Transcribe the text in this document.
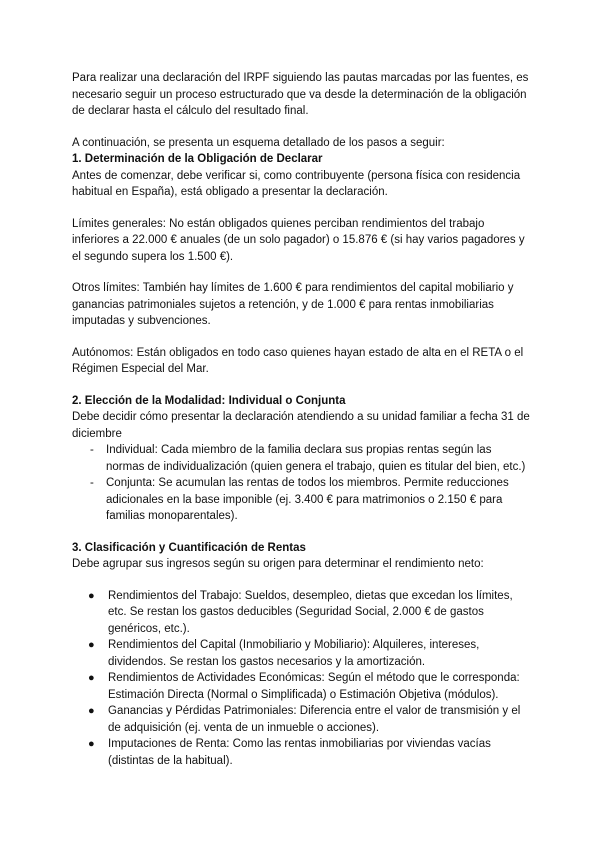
Para realizar una declaración del IRPF siguiendo las pautas marcadas por las fuentes, es necesario seguir un proceso estructurado que va desde la determinación de la obligación de declarar hasta el cálculo del resultado final.

A continuación, se presenta un esquema detallado de los pasos a seguir:

1. Determinación de la Obligación de Declarar

Antes de comenzar, debe verificar si, como contribuyente (persona física con residencia habitual en España), está obligado a presentar la declaración.

Límites generales: No están obligados quienes perciban rendimientos del trabajo inferiores a 22.000 € anuales (de un solo pagador) o 15.876 € (si hay varios pagadores y el segundo supera los 1.500 €).

Otros límites: También hay límites de 1.600 € para rendimientos del capital mobiliario y ganancias patrimoniales sujetos a retención, y de 1.000 € para rentas inmobiliarias imputadas y subvenciones.

Autónomos: Están obligados en todo caso quienes hayan estado de alta en el RETA o el Régimen Especial del Mar.

2. Elección de la Modalidad: Individual o Conjunta

Debe decidir cómo presentar la declaración atendiendo a su unidad familiar a fecha 31 de diciembre

- Individual: Cada miembro de la familia declara sus propias rentas según las normas de individualización (quien genera el trabajo, quien es titular del bien, etc.)
- Conjunta: Se acumulan las rentas de todos los miembros. Permite reducciones adicionales en la base imponible (ej. 3.400 € para matrimonios o 2.150 € para familias monoparentales).
3. Clasificación y Cuantificación de Rentas

Debe agrupar sus ingresos según su origen para determinar el rendimiento neto:

● Rendimientos del Trabajo: Sueldos, desempleo, dietas que excedan los límites, etc. Se restan los gastos deducibles (Seguridad Social, 2.000 € de gastos genéricos, etc.).
● Rendimientos del Capital (Inmobiliario y Mobiliario): Alquileres, intereses, dividendos. Se restan los gastos necesarios y la amortización.
● Rendimientos de Actividades Económicas: Según el método que le corresponda: Estimación Directa (Normal o Simplificada) o Estimación Objetiva (módulos).
● Ganancias y Pérdidas Patrimoniales: Diferencia entre el valor de transmisión y el de adquisición (ej. venta de un inmueble o acciones).
● Imputaciones de Renta: Como las rentas inmobiliarias por viviendas vacías (distintas de la habitual).
